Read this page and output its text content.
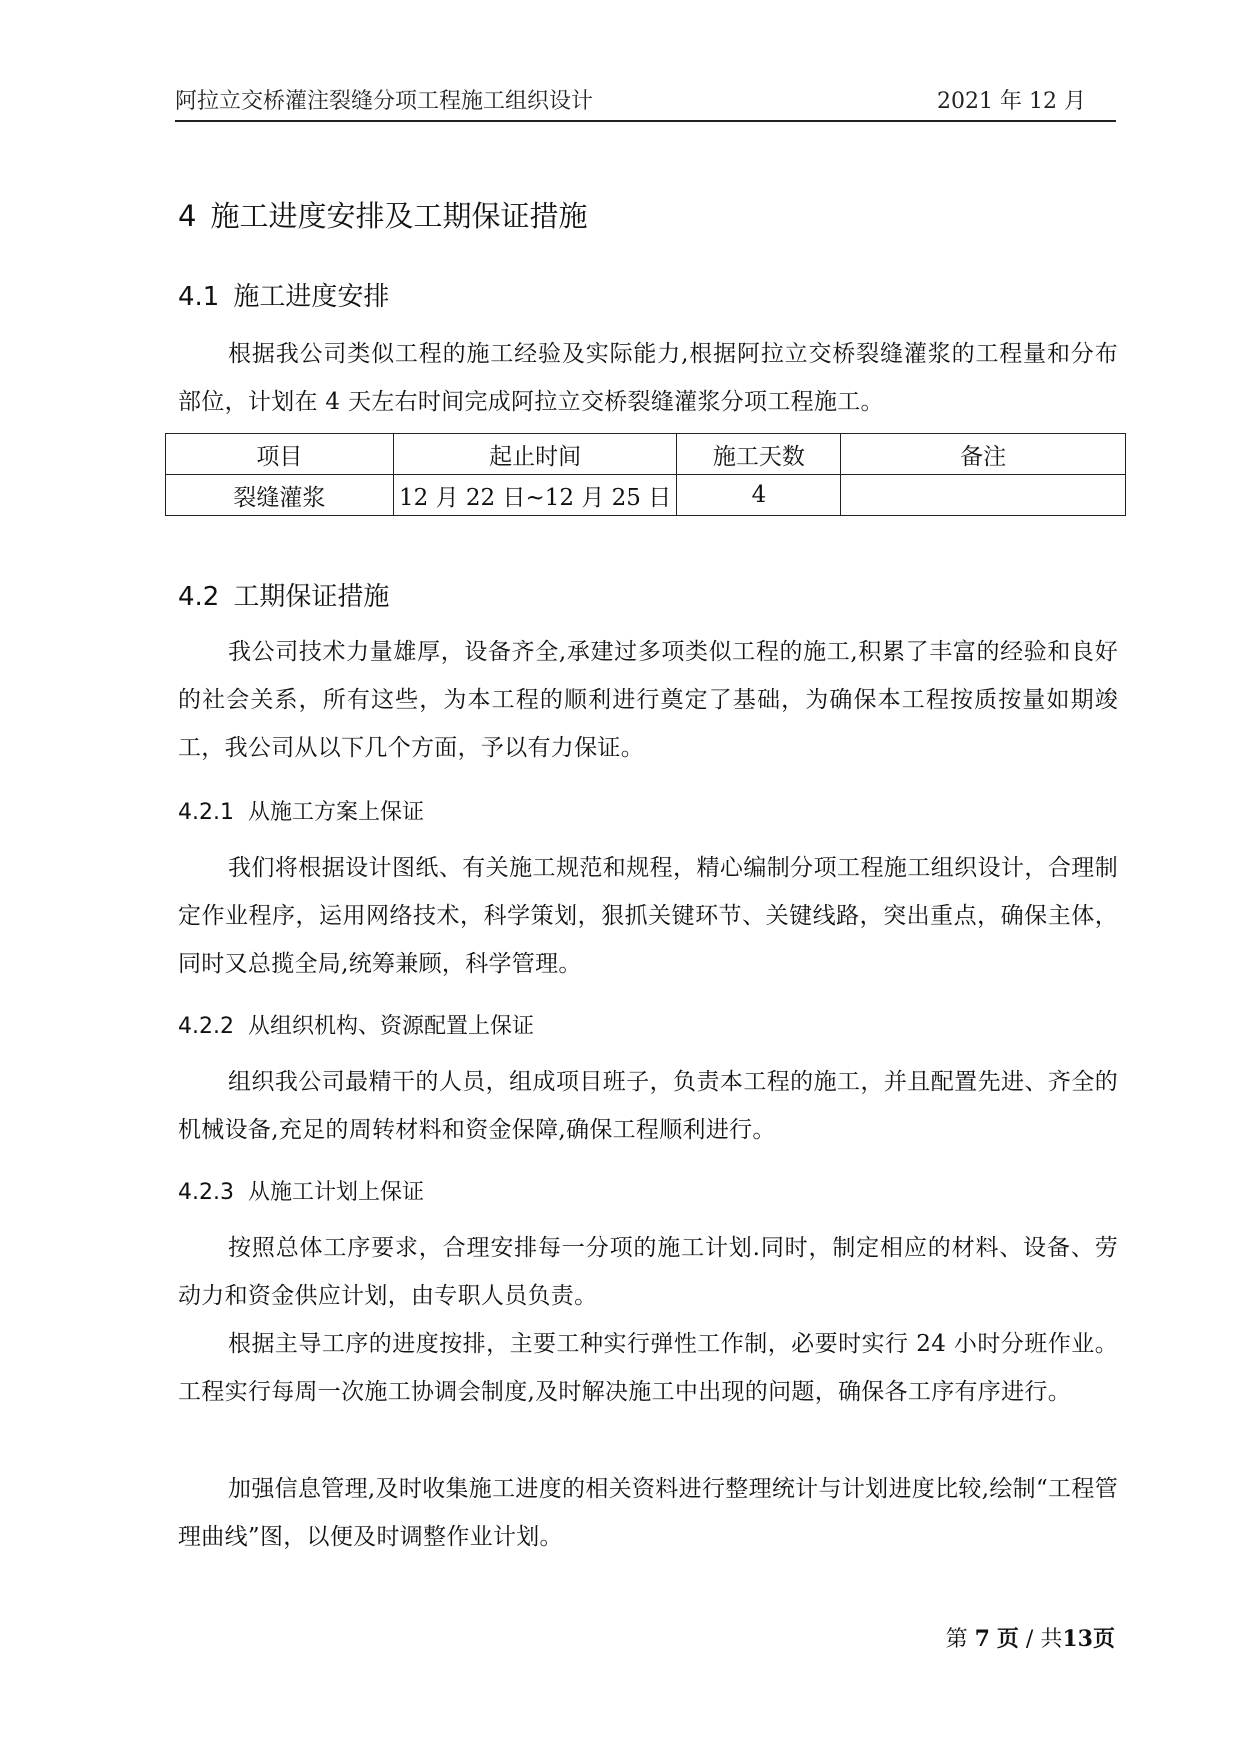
阿拉立交桥灌注裂缝分项工程施工组织设计	2021 年 12 月
4 施工进度安排及工期保证措施
4.1 施工进度安排
根据我公司类似工程的施工经验及实际能力,根据阿拉立交桥裂缝灌浆的工程量和分布部位，计划在 4 天左右时间完成阿拉立交桥裂缝灌浆分项工程施工。
项目	起止时间	施工天数	备注
裂缝灌浆	12 月 22 日~12 月 25 日	4	
4.2 工期保证措施
我公司技术力量雄厚，设备齐全,承建过多项类似工程的施工,积累了丰富的经验和良好的社会关系，所有这些，为本工程的顺利进行奠定了基础，为确保本工程按质按量如期竣工，我公司从以下几个方面，予以有力保证。
4.2.1 从施工方案上保证
我们将根据设计图纸、有关施工规范和规程，精心编制分项工程施工组织设计，合理制定作业程序，运用网络技术，科学策划，狠抓关键环节、关键线路，突出重点，确保主体，同时又总揽全局,统筹兼顾，科学管理。
4.2.2 从组织机构、资源配置上保证
组织我公司最精干的人员，组成项目班子，负责本工程的施工，并且配置先进、齐全的机械设备,充足的周转材料和资金保障,确保工程顺利进行。
4.2.3 从施工计划上保证
按照总体工序要求，合理安排每一分项的施工计划.同时，制定相应的材料、设备、劳动力和资金供应计划，由专职人员负责。
根据主导工序的进度按排，主要工种实行弹性工作制，必要时实行 24 小时分班作业。工程实行每周一次施工协调会制度,及时解决施工中出现的问题，确保各工序有序进行。
加强信息管理,及时收集施工进度的相关资料进行整理统计与计划进度比较,绘制“工程管理曲线”图，以便及时调整作业计划。
第 7 页 / 共13页
